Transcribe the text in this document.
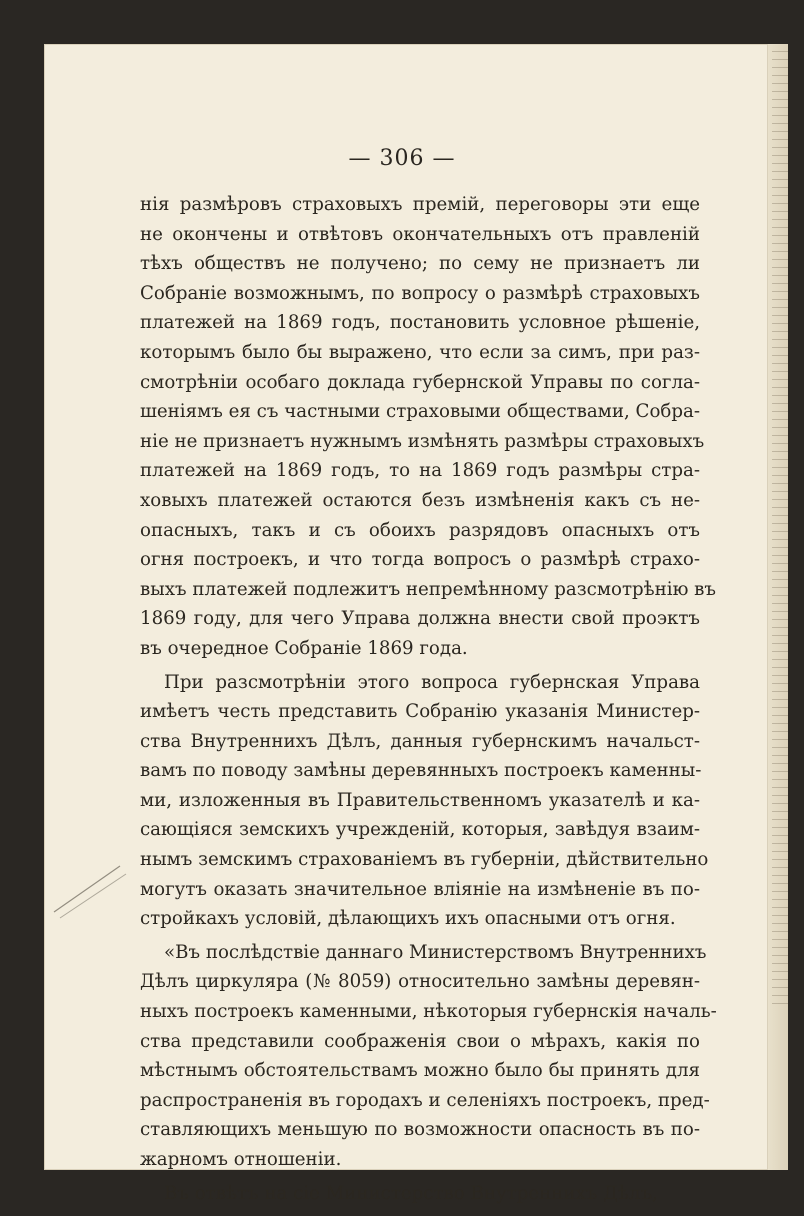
— 306 —
нія размѣровъ страховыхъ премій, переговоры эти еще
не окончены и отвѣтовъ окончательныхъ отъ правленій
тѣхъ обществъ не получено; по сему не признаетъ ли
Собраніе возможнымъ, по вопросу о размѣрѣ страховыхъ
платежей на 1869 годъ, постановить условное рѣшеніе,
которымъ было бы выражено, что если за симъ, при раз-
смотрѣніи особаго доклада губернской Управы по согла-
шеніямъ ея съ частными страховыми обществами, Собра-
ніе не признаетъ нужнымъ измѣнять размѣры страховыхъ
платежей на 1869 годъ, то на 1869 годъ размѣры стра-
ховыхъ платежей остаются безъ измѣненія какъ съ не-
опасныхъ, такъ и съ обоихъ разрядовъ опасныхъ отъ
огня построекъ, и что тогда вопросъ о размѣрѣ страхо-
выхъ платежей подлежитъ непремѣнному разсмотрѣнію въ
1869 году, для чего Управа должна внести свой проэктъ
въ очередное Собраніе 1869 года.
При разсмотрѣніи этого вопроса губернская Управа
имѣетъ честь представить Собранію указанія Министер-
ства Внутреннихъ Дѣлъ, данныя губернскимъ начальст-
вамъ по поводу замѣны деревянныхъ построекъ каменны-
ми, изложенныя въ Правительственномъ указателѣ и ка-
сающіяся земскихъ учрежденій, которыя, завѣдуя взаим-
нымъ земскимъ страхованіемъ въ губерніи, дѣйствительно
могутъ оказать значительное вліяніе на измѣненіе въ по-
стройкахъ условій, дѣлающихъ ихъ опасными отъ огня.
«Въ послѣдствіе даннаго Министерствомъ Внутреннихъ
Дѣлъ циркуляра (№ 8059) относительно замѣны деревян-
ныхъ построекъ каменными, нѣкоторыя губернскія началь-
ства представили соображенія свои о мѣрахъ, какія по
мѣстнымъ обстоятельствамъ можно было бы принять для
распространенія въ городахъ и селеніяхъ построекъ, пред-
ставляющихъ меньшую по возможности опасность въ по-
жарномъ отношеніи.
Въ отвѣтъ на сіе Министерство Внутреннихъ Дѣлъ,
